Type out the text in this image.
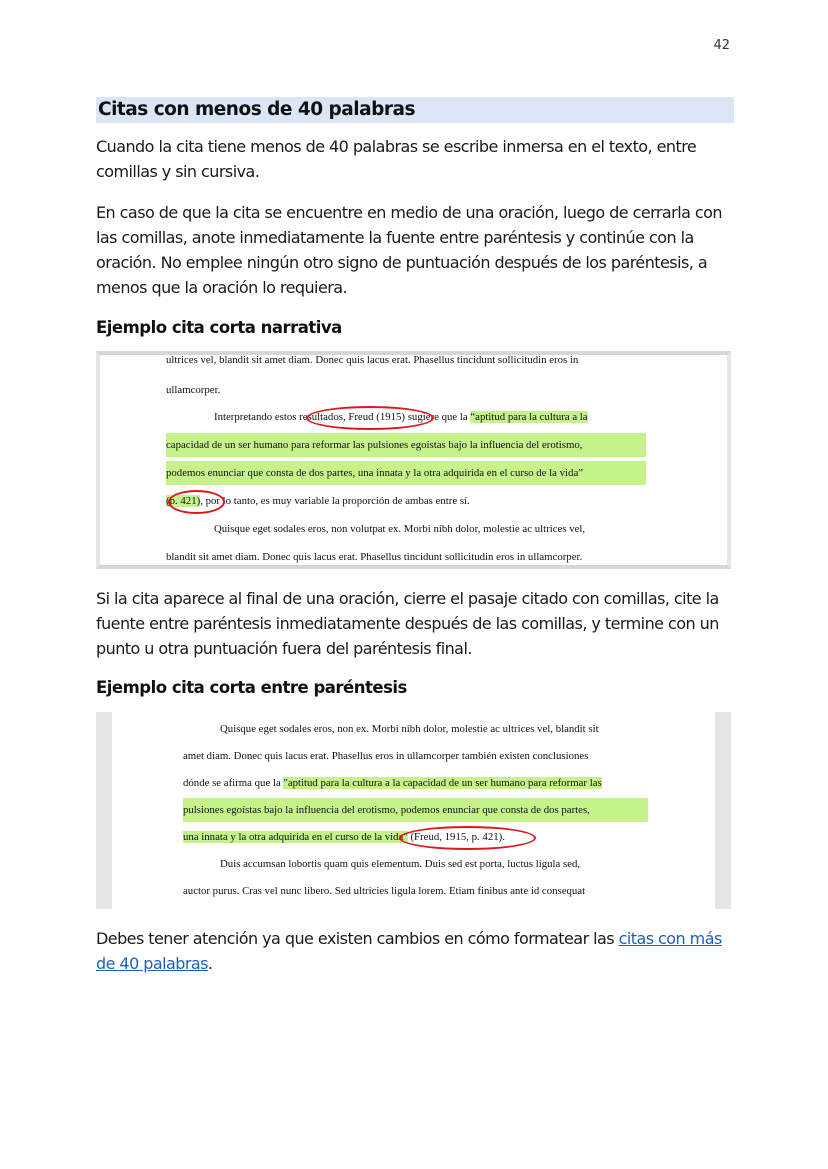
42
Citas con menos de 40 palabras

Cuando la cita tiene menos de 40 palabras se escribe inmersa en el texto, entre comillas y sin cursiva.

En caso de que la cita se encuentre en medio de una oración, luego de cerrarla con las comillas, anote inmediatamente la fuente entre paréntesis y continúe con la oración. No emplee ningún otro signo de puntuación después de los paréntesis, a menos que la oración lo requiera.

Ejemplo cita corta narrativa

ultrices vel, blandit sit amet diam. Donec quis lacus erat. Phasellus tincidunt sollicitudin eros in
ullamcorper.
Interpretando estos resultados, Freud (1915) sugiere que la “aptitud para la cultura a la
capacidad de un ser humano para reformar las pulsiones egoístas bajo la influencia del erotismo,
podemos enunciar que consta de dos partes, una innata y la otra adquirida en el curso de la vida”
(p. 421), por lo tanto, es muy variable la proporción de ambas entre sí.
Quisque eget sodales eros, non volutpat ex. Morbi nibh dolor, molestie ac ultrices vel,
blandit sit amet diam. Donec quis lacus erat. Phasellus tincidunt sollicitudin eros in ullamcorper.

Si la cita aparece al final de una oración, cierre el pasaje citado con comillas, cite la fuente entre paréntesis inmediatamente después de las comillas, y termine con un punto u otra puntuación fuera del paréntesis final.

Ejemplo cita corta entre paréntesis

Quisque eget sodales eros, non ex. Morbi nibh dolor, molestie ac ultrices vel, blandit sit
amet diam. Donec quis lacus erat. Phasellus eros in ullamcorper también existen conclusiones
dónde se afirma que la "aptitud para la cultura a la capacidad de un ser humano para reformar las
pulsiones egoístas bajo la influencia del erotismo, podemos enunciar que consta de dos partes,
una innata y la otra adquirida en el curso de la vida" (Freud, 1915, p. 421).
Duis accumsan lobortis quam quis elementum. Duis sed est porta, luctus ligula sed,
auctor purus. Cras vel nunc libero. Sed ultricies ligula lorem. Etiam finibus ante id consequat

Debes tener atención ya que existen cambios en cómo formatear las citas con más de 40 palabras.
